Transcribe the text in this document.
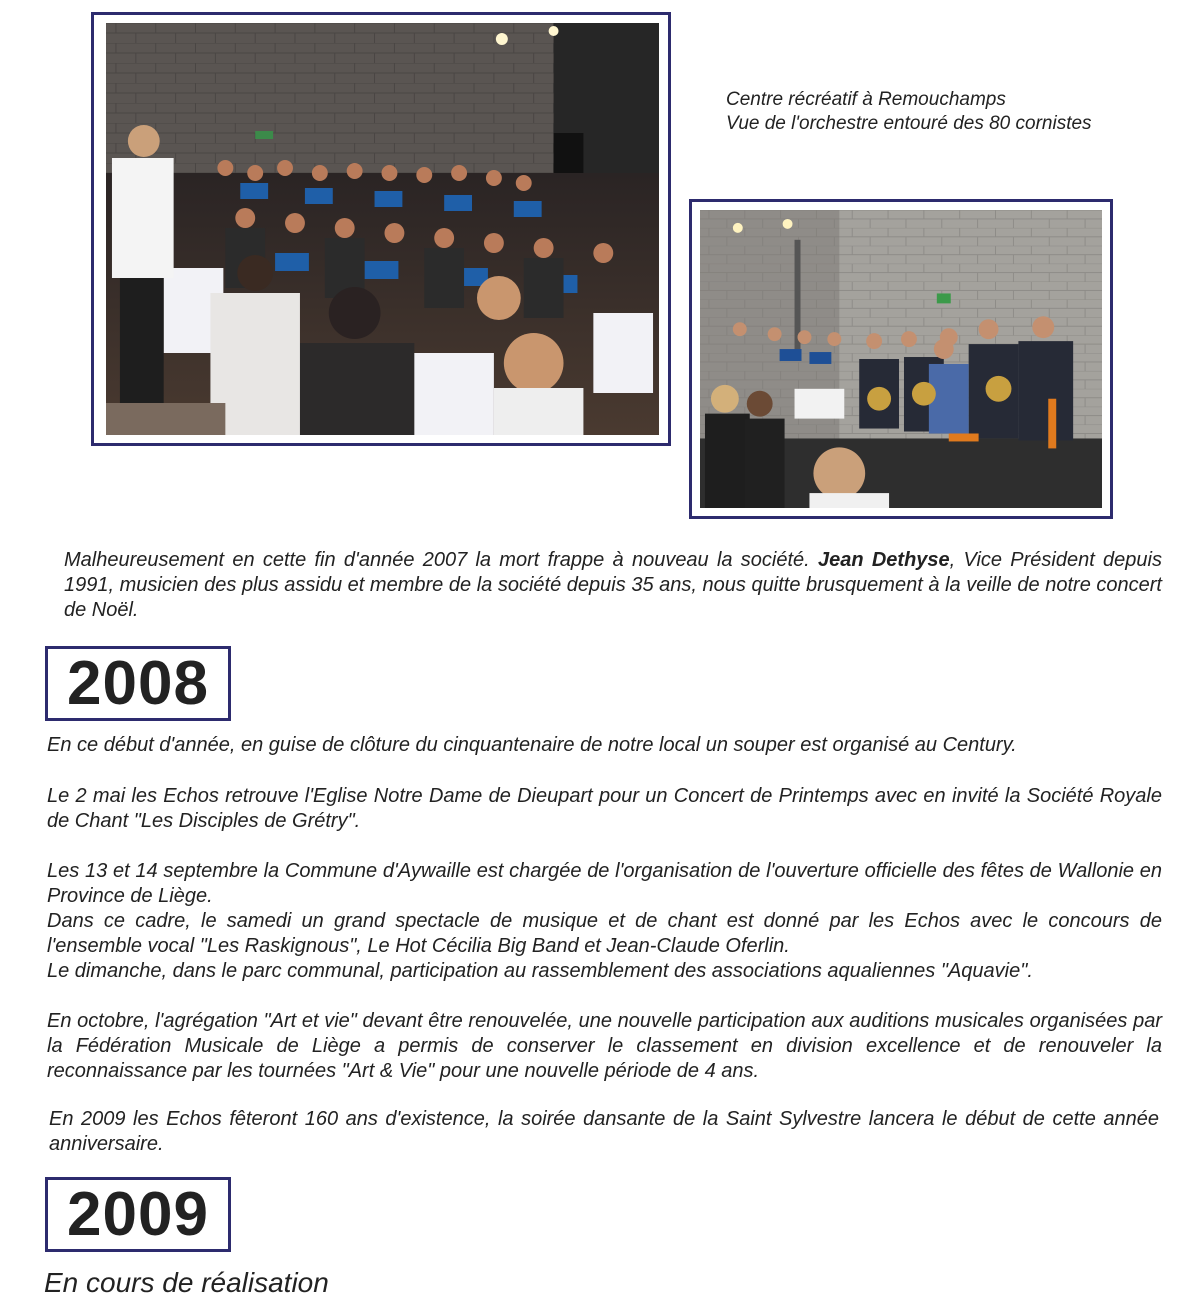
Centre récréatif à Remouchamps
Vue de l'orchestre entouré des 80 cornistes

Malheureusement en cette fin d'année 2007 la mort frappe à nouveau la société. Jean Dethyse, Vice Président depuis 1991, musicien des plus assidu et membre de la société depuis 35 ans, nous quitte brusquement à la veille de notre concert de Noël.

2008

En ce début d'année, en guise de clôture du cinquantenaire de notre local un souper est organisé au Century.

Le 2 mai les Echos retrouve l'Eglise Notre Dame de Dieupart pour un Concert de Printemps avec en invité la Société Royale de Chant "Les Disciples de Grétry".

Les 13 et 14 septembre la Commune d'Aywaille est chargée de l'organisation de l'ouverture officielle des fêtes de Wallonie en Province de Liège.

Dans ce cadre, le samedi un grand spectacle de musique et de chant est donné par les Echos avec le concours de l'ensemble vocal "Les Raskignous", Le Hot Cécilia Big Band et Jean-Claude Oferlin.

Le dimanche, dans le parc communal, participation au rassemblement des associations aqualiennes "Aquavie".

En octobre, l'agrégation "Art et vie" devant être renouvelée, une nouvelle participation aux auditions musicales organisées par la Fédération Musicale de Liège a permis de conserver le classement en division excellence et de renouveler la reconnaissance par les tournées "Art & Vie" pour une nouvelle période de 4 ans.

En 2009 les Echos fêteront 160 ans d'existence, la soirée dansante de la Saint Sylvestre lancera le début de cette année anniversaire.

2009
En cours de réalisation
